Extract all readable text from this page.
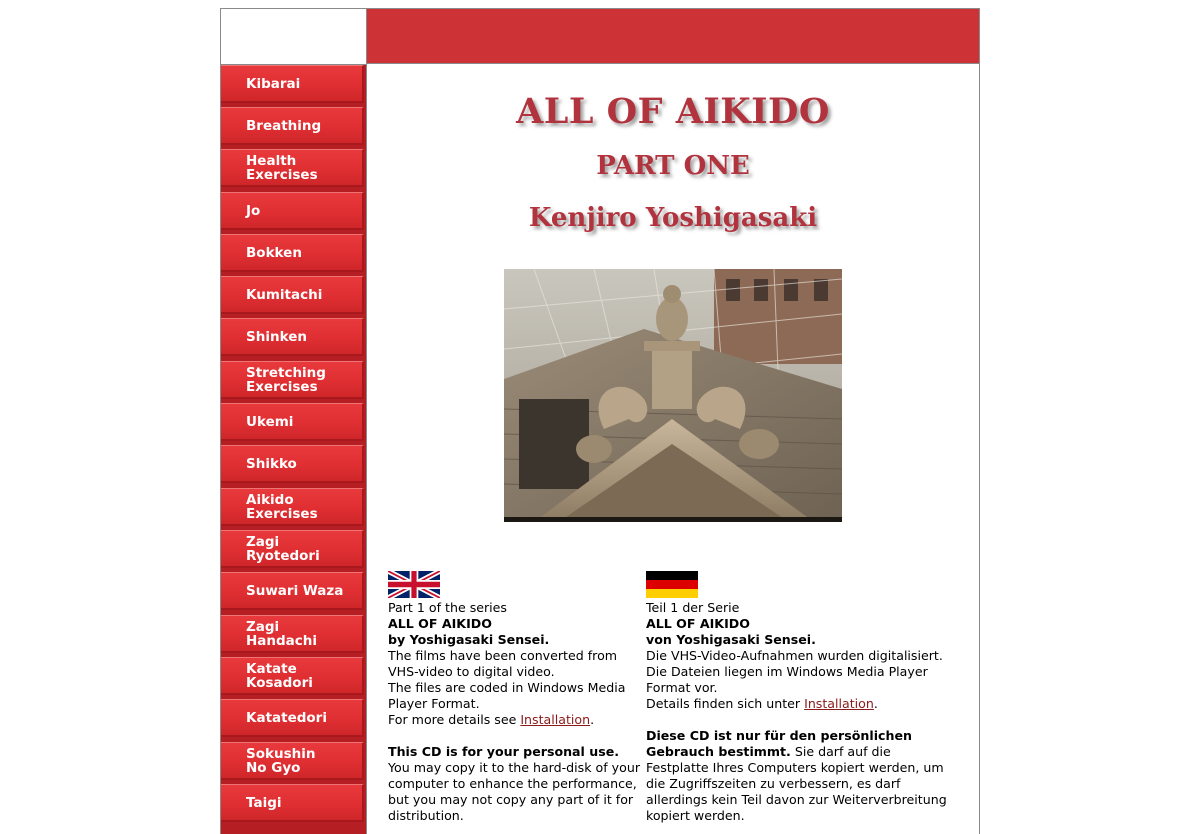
Kibarai
Breathing
Health
Exercises
Jo
Bokken
Kumitachi
Shinken
Stretching
Exercises
Ukemi
Shikko
Aikido
Exercises
Zagi
Ryotedori
Suwari Waza
Zagi
Handachi
Katate
Kosadori
Katatedori
Sokushin
No Gyo
Taigi
ALL OF AIKIDO
PART ONE
Kenjiro Yoshigasaki

Part 1 of the series

ALL OF AIKIDO

by Yoshigasaki Sensei.

The films have been converted from VHS-video to digital video.

The files are coded in Windows Media Player Format.

For more details see Installation.

This CD is for your personal use. You may copy it to the hard-disk of your computer to enhance the performance, but you may not copy any part of it for distribution.

Teil 1 der Serie

ALL OF AIKIDO

von Yoshigasaki Sensei.

Die VHS-Video-Aufnahmen wurden digitalisiert.

Die Dateien liegen im Windows Media Player Format vor.

Details finden sich unter Installation.

Diese CD ist nur für den persönlichen Gebrauch bestimmt. Sie darf auf die Festplatte Ihres Computers kopiert werden, um die Zugriffszeiten zu verbessern, es darf allerdings kein Teil davon zur Weiterverbreitung kopiert werden.
